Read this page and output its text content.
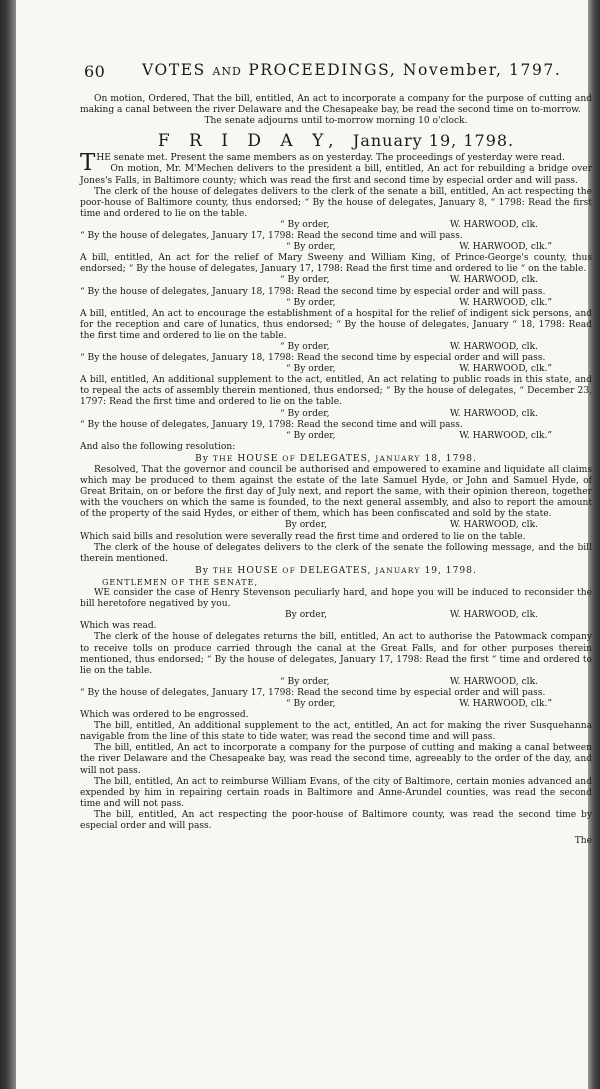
60 VOTES AND PROCEEDINGS, November, 1797.

On motion, Ordered, That the bill, entitled, An act to incorporate a company for the purpose of cutting and making a canal between the river Delaware and the Chesapeake bay, be read the second time on to-morrow.

The senate adjourns until to-morrow morning 10 o'clock.

F R I D A Y, January 19, 1798.

THE senate met. Present the same members as on yesterday. The proceedings of yesterday were read.

On motion, Mr. M'Mechen delivers to the president a bill, entitled, An act for rebuilding a bridge over Jones's Falls, in Baltimore county; which was read the first and second time by especial order and will pass.

The clerk of the house of delegates delivers to the clerk of the senate a bill, entitled, An act respecting the poor-house of Baltimore county, thus endorsed; “ By the house of delegates, January 8, “ 1798: Read the first time and ordered to lie on the table.

“ By order,	W. HARWOOD, clk.

“ By the house of delegates, January 17, 1798: Read the second time and will pass.

“ By order,	W. HARWOOD, clk.”

A bill, entitled, An act for the relief of Mary Sweeny and William King, of Prince-George's county, thus endorsed; “ By the house of delegates, January 17, 1798: Read the first time and ordered to lie “ on the table.

“ By order,	W. HARWOOD, clk.

“ By the house of delegates, January 18, 1798: Read the second time by especial order and will pass.

“ By order,	W. HARWOOD, clk.”

A bill, entitled, An act to encourage the establishment of a hospital for the relief of indigent sick persons, and for the reception and care of lunatics, thus endorsed; “ By the house of delegates, January “ 18, 1798: Read the first time and ordered to lie on the table.

“ By order,	W. HARWOOD, clk.

“ By the house of delegates, January 18, 1798: Read the second time by especial order and will pass.

“ By order,	W. HARWOOD, clk.”

A bill, entitled, An additional supplement to the act, entitled, An act relating to public roads in this state, and to repeal the acts of assembly therein mentioned, thus endorsed; “ By the house of delegates, “ December 23, 1797: Read the first time and ordered to lie on the table.

“ By order,	W. HARWOOD, clk.

“ By the house of delegates, January 19, 1798: Read the second time and will pass.

“ By order,	W. HARWOOD, clk.”

And also the following resolution:

By THE HOUSE OF DELEGATES, JANUARY 18, 1798.

Resolved, That the governor and council be authorised and empowered to examine and liquidate all claims which may be produced to them against the estate of the late Samuel Hyde, or John and Samuel Hyde, of Great Britain, on or before the first day of July next, and report the same, with their opinion thereon, together with the vouchers on which the same is founded, to the next general assembly, and also to report the amount of the property of the said Hydes, or either of them, which has been confiscated and sold by the state.

By order,	W. HARWOOD, clk.

Which said bills and resolution were severally read the first time and ordered to lie on the table.

The clerk of the house of delegates delivers to the clerk of the senate the following message, and the bill therein mentioned.

By THE HOUSE OF DELEGATES, JANUARY 19, 1798.
GENTLEMEN OF THE SENATE,

WE consider the case of Henry Stevenson peculiarly hard, and hope you will be induced to reconsider the bill heretofore negatived by you.

By order,	W. HARWOOD, clk.

Which was read.

The clerk of the house of delegates returns the bill, entitled, An act to authorise the Patowmack company to receive tolls on produce carried through the canal at the Great Falls, and for other purposes therein mentioned, thus endorsed; “ By the house of delegates, January 17, 1798: Read the first “ time and ordered to lie on the table.

“ By order,	W. HARWOOD, clk.

“ By the house of delegates, January 17, 1798: Read the second time by especial order and will pass.

“ By order,	W. HARWOOD, clk.”

Which was ordered to be engrossed.

The bill, entitled, An additional supplement to the act, entitled, An act for making the river Susquehanna navigable from the line of this state to tide water, was read the second time and will pass.

The bill, entitled, An act to incorporate a company for the purpose of cutting and making a canal between the river Delaware and the Chesapeake bay, was read the second time, agreeably to the order of the day, and will not pass.

The bill, entitled, An act to reimburse William Evans, of the city of Baltimore, certain monies advanced and expended by him in repairing certain roads in Baltimore and Anne-Arundel counties, was read the second time and will not pass.

The bill, entitled, An act respecting the poor-house of Baltimore county, was read the second time by especial order and will pass.

The
